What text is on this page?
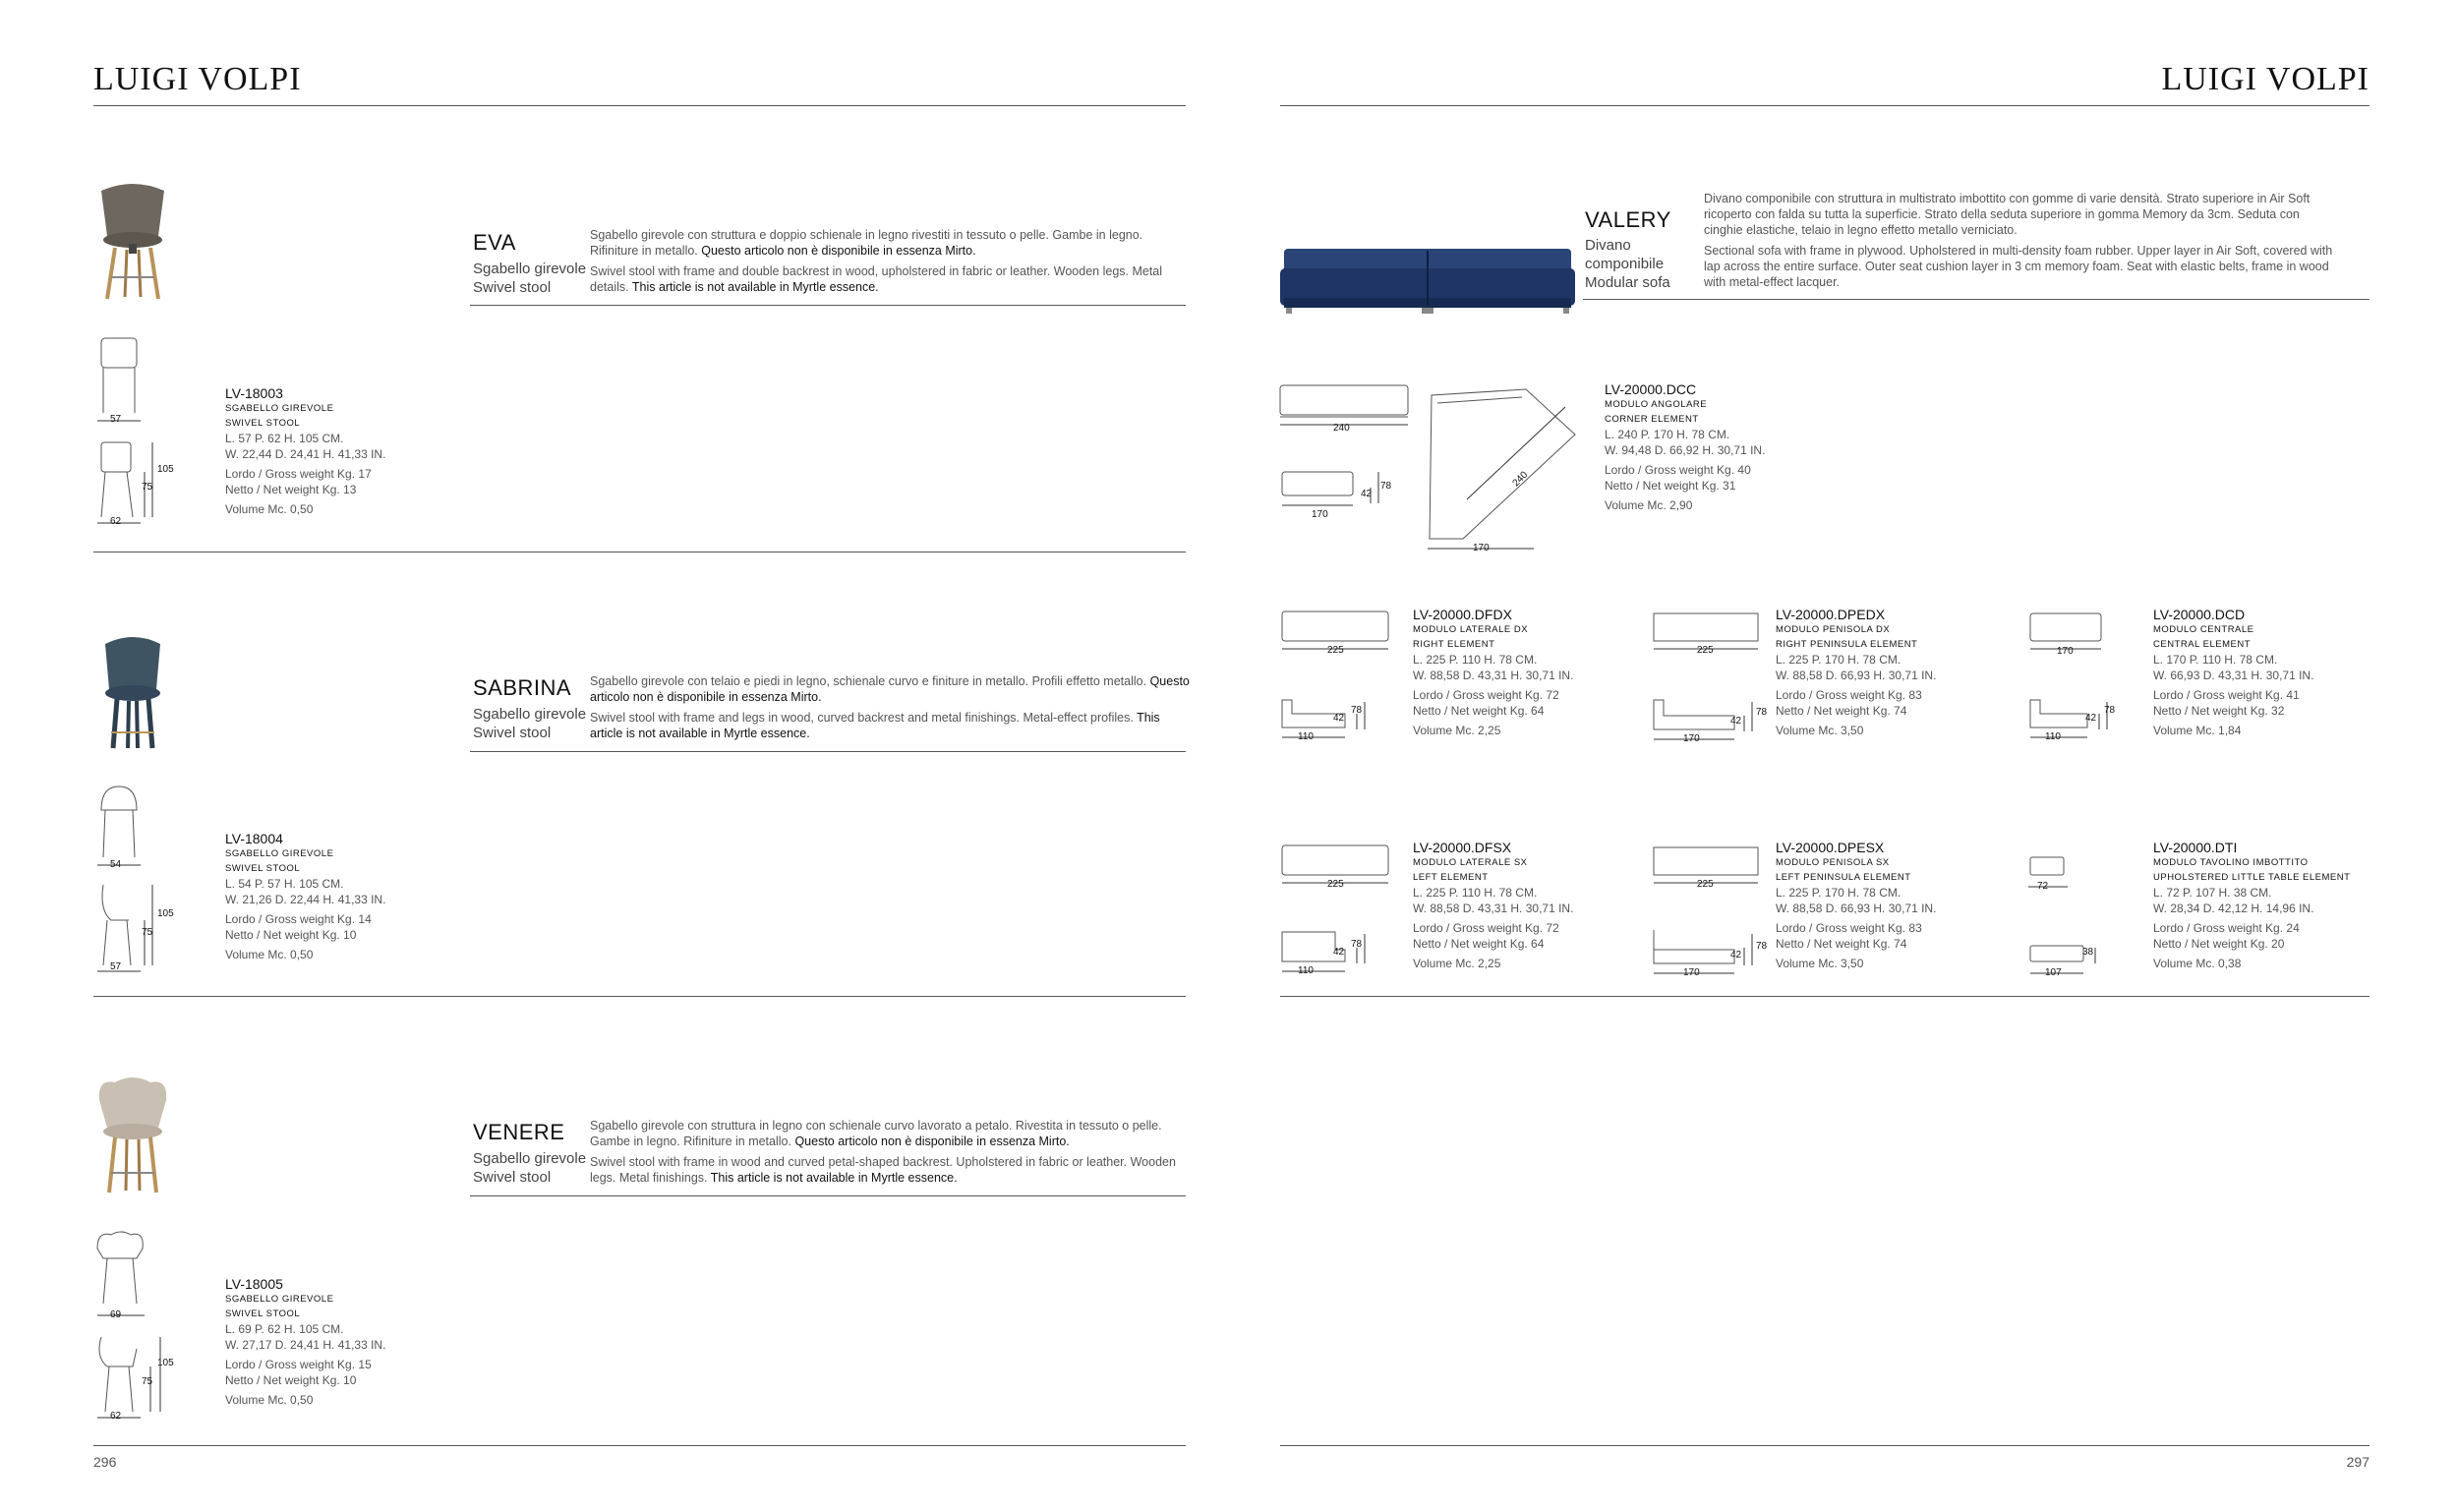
LUIGI VOLPI
EVA
Sgabello girevole
Swivel stool
Sgabello girevole con struttura e doppio schienale in legno rivestiti in tessuto o pelle. Gambe in legno. Rifiniture in metallo. Questo articolo non è disponibile in essenza Mirto.
Swivel stool with frame and double backrest in wood, upholstered in fabric or leather. Wooden legs. Metal details. This article is not available in Myrtle essence.
57
62
105
75
LV-18003
SGABELLO GIREVOLE
SWIVEL STOOL
L. 57 P. 62 H. 105 CM.
W. 22,44 D. 24,41 H. 41,33 IN.
Lordo / Gross weight Kg. 17
Netto / Net weight Kg. 13
Volume Mc. 0,50
SABRINA
Sgabello girevole
Swivel stool
Sgabello girevole con telaio e piedi in legno, schienale curvo e finiture in metallo. Profili effetto metallo. Questo articolo non è disponibile in essenza Mirto.
Swivel stool with frame and legs in wood, curved backrest and metal finishings. Metal-effect profiles. This article is not available in Myrtle essence.
54
57
105
75
LV-18004
SGABELLO GIREVOLE
SWIVEL STOOL
L. 54 P. 57 H. 105 CM.
W. 21,26 D. 22,44 H. 41,33 IN.
Lordo / Gross weight Kg. 14
Netto / Net weight Kg. 10
Volume Mc. 0,50
VENERE
Sgabello girevole
Swivel stool
Sgabello girevole con struttura in legno con schienale curvo lavorato a petalo. Rivestita in tessuto o pelle. Gambe in legno. Rifiniture in metallo. Questo articolo non è disponibile in essenza Mirto.
Swivel stool with frame in wood and curved petal-shaped backrest. Upholstered in fabric or leather. Wooden legs. Metal finishings. This article is not available in Myrtle essence.
69
62
105
75
LV-18005
SGABELLO GIREVOLE
SWIVEL STOOL
L. 69 P. 62 H. 105 CM.
W. 27,17 D. 24,41 H. 41,33 IN.
Lordo / Gross weight Kg. 15
Netto / Net weight Kg. 10
Volume Mc. 0,50
296
LUIGI VOLPI
VALERY
Divano
componibile
Modular sofa
Divano componibile con struttura in multistrato imbottito con gomme di varie densità. Strato superiore in Air Soft ricoperto con falda su tutta la superficie. Strato della seduta superiore in gomma Memory da 3cm. Seduta con cinghie elastiche, telaio in legno effetto metallo verniciato.
Sectional sofa with frame in plywood. Upholstered in multi-density foam rubber. Upper layer in Air Soft, covered with lap across the entire surface. Outer seat cushion layer in 3 cm memory foam. Seat with elastic belts, frame in wood with metal-effect lacquer.
240
170
42
78	240
170
LV-20000.DCC
MODULO ANGOLARE
CORNER ELEMENT
L. 240 P. 170 H. 78 CM.
W. 94,48 D. 66,92 H. 30,71 IN.
Lordo / Gross weight Kg. 40
Netto / Net weight Kg. 31
Volume Mc. 2,90
225
110
42
78
LV-20000.DFDX
MODULO LATERALE DX
RIGHT ELEMENT
L. 225 P. 110 H. 78 CM.
W. 88,58 D. 43,31 H. 30,71 IN.
Lordo / Gross weight Kg. 72
Netto / Net weight Kg. 64
Volume Mc. 2,25
225
170
42
78
LV-20000.DPEDX
MODULO PENISOLA DX
RIGHT PENINSULA ELEMENT
L. 225 P. 170 H. 78 CM.
W. 88,58 D. 66,93 H. 30,71 IN.
Lordo / Gross weight Kg. 83
Netto / Net weight Kg. 74
Volume Mc. 3,50
170
110
42
78
LV-20000.DCD
MODULO CENTRALE
CENTRAL ELEMENT
L. 170 P. 110 H. 78 CM.
W. 66,93 D. 43,31 H. 30,71 IN.
Lordo / Gross weight Kg. 41
Netto / Net weight Kg. 32
Volume Mc. 1,84
225
110
42
78
LV-20000.DFSX
MODULO LATERALE SX
LEFT ELEMENT
L. 225 P. 110 H. 78 CM.
W. 88,58 D. 43,31 H. 30,71 IN.
Lordo / Gross weight Kg. 72
Netto / Net weight Kg. 64
Volume Mc. 2,25
225
170
42
78
LV-20000.DPESX
MODULO PENISOLA SX
LEFT PENINSULA ELEMENT
L. 225 P. 170 H. 78 CM.
W. 88,58 D. 66,93 H. 30,71 IN.
Lordo / Gross weight Kg. 83
Netto / Net weight Kg. 74
Volume Mc. 3,50
72
107
38
LV-20000.DTI
MODULO TAVOLINO IMBOTTITO
UPHOLSTERED LITTLE TABLE ELEMENT
L. 72 P. 107 H. 38 CM.
W. 28,34 D. 42,12 H. 14,96 IN.
Lordo / Gross weight Kg. 24
Netto / Net weight Kg. 20
Volume Mc. 0,38
297
